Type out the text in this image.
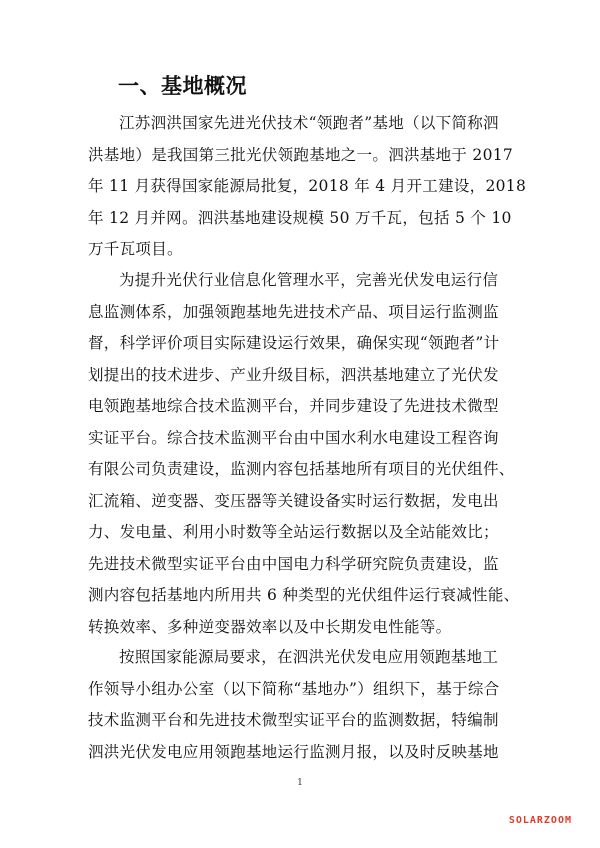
一、基地概况
江苏泗洪国家先进光伏技术“领跑者”基地（以下简称泗
洪基地）是我国第三批光伏领跑基地之一。泗洪基地于 2017
年 11 月获得国家能源局批复，2018 年 4 月开工建设，2018
年 12 月并网。泗洪基地建设规模 50 万千瓦，包括 5 个 10
万千瓦项目。
为提升光伏行业信息化管理水平，完善光伏发电运行信
息监测体系，加强领跑基地先进技术产品、项目运行监测监
督，科学评价项目实际建设运行效果，确保实现“领跑者”计
划提出的技术进步、产业升级目标，泗洪基地建立了光伏发
电领跑基地综合技术监测平台，并同步建设了先进技术微型
实证平台。综合技术监测平台由中国水利水电建设工程咨询
有限公司负责建设，监测内容包括基地所有项目的光伏组件、
汇流箱、逆变器、变压器等关键设备实时运行数据，发电出
力、发电量、利用小时数等全站运行数据以及全站能效比；
先进技术微型实证平台由中国电力科学研究院负责建设，监
测内容包括基地内所用共 6 种类型的光伏组件运行衰减性能、
转换效率、多种逆变器效率以及中长期发电性能等。
按照国家能源局要求，在泗洪光伏发电应用领跑基地工
作领导小组办公室（以下简称“基地办”）组织下，基于综合
技术监测平台和先进技术微型实证平台的监测数据，特编制
泗洪光伏发电应用领跑基地运行监测月报，以及时反映基地
1
SOLARZOOM
